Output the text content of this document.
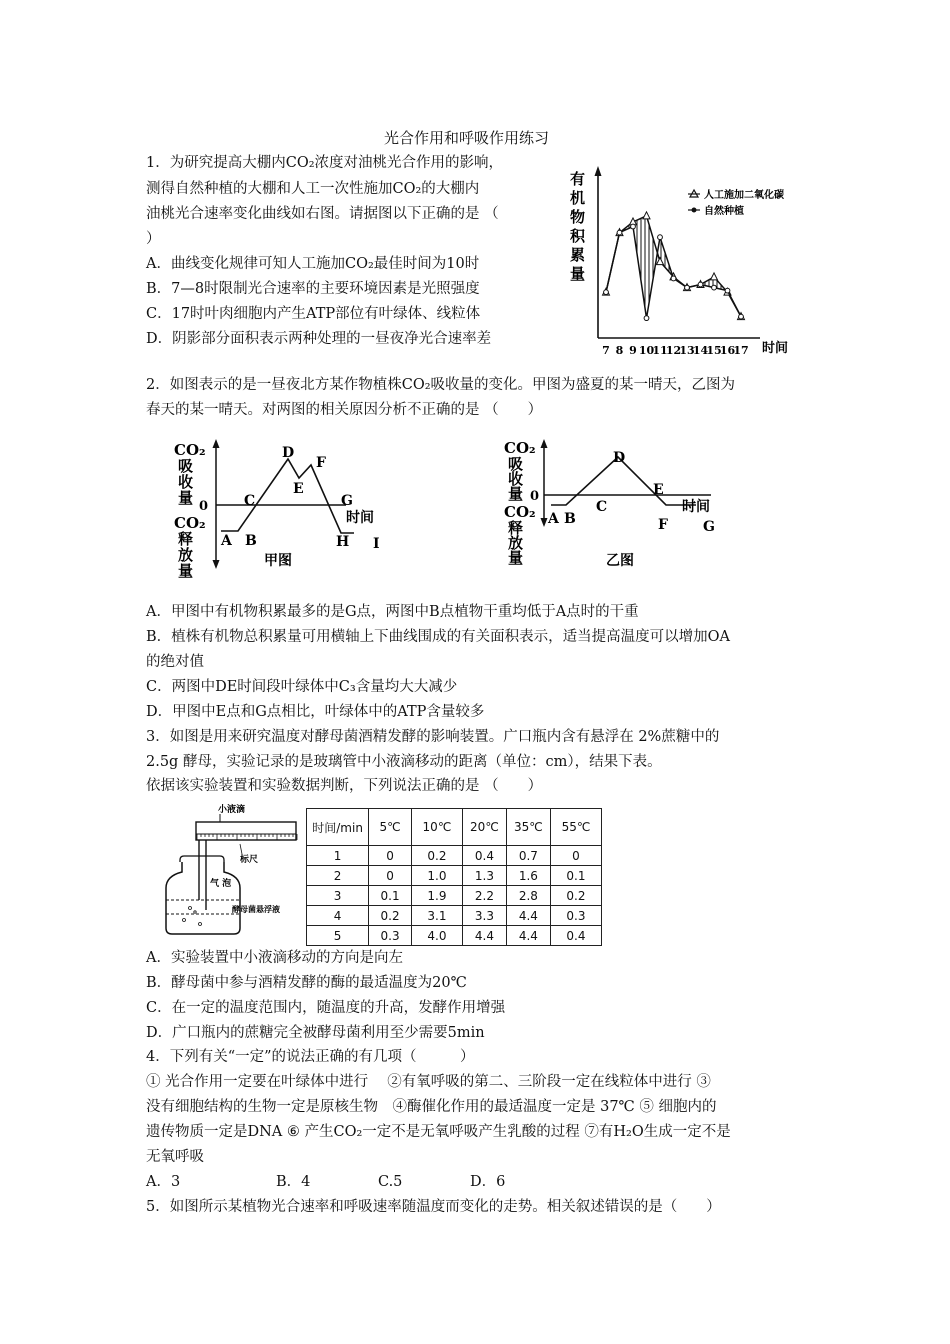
光合作用和呼吸作用练习
1．为研究提高大棚内CO₂浓度对油桃光合作用的影响，
测得自然种植的大棚和人工一次性施加CO₂的大棚内
油桃光合速率变化曲线如右图。请据图以下正确的是 （
）
A．曲线变化规律可知人工施加CO₂最佳时间为10时
B．7—8时限制光合速率的主要环境因素是光照强度
C．17时叶肉细胞内产生ATP部位有叶绿体、线粒体
D．阴影部分面积表示两种处理的一昼夜净光合速率差
有
机
物
积
累
量
7 8 9 10
11
12
13
14
15
16
17 时间
人工施加二氧化碳
自然种植
2．如图表示的是一昼夜北方某作物植株CO₂吸收量的变化。甲图为盛夏的某一晴天，乙图为
春天的某一晴天。对两图的相关原因分析不正确的是 （　　）
CO₂
吸
收
量
CO₂
释
放
量
0
A B
C
D
E
F
G
H I
时间
甲图
CO₂
吸
收
量
CO₂
释
放
量
0
A B
C
D
E
F	G
时间
乙图
A．甲图中有机物积累最多的是G点，两图中B点植物干重均低于A点时的干重
B．植株有机物总积累量可用横轴上下曲线围成的有关面积表示，适当提高温度可以增加OA
的绝对值
C．两图中DE时间段叶绿体中C₃含量均大大减少
D．甲图中E点和G点相比，叶绿体中的ATP含量较多
3．如图是用来研究温度对酵母菌酒精发酵的影响装置。广口瓶内含有悬浮在 2%蔗糖中的
2.5g 酵母，实验记录的是玻璃管中小液滴移动的距离（单位：cm），结果下表。
依据该实验装置和实验数据判断，下列说法正确的是 （　　）
小液滴
标尺
气 泡
酵母菌悬浮液
时间/min	5℃	10℃	20℃	35℃	55℃
1	0	0.2	0.4	0.7	0
2	0	1.0	1.3	1.6	0.1
3	0.1	1.9	2.2	2.8	0.2
4	0.2	3.1	3.3	4.4	0.3
5	0.3	4.0	4.4	4.4	0.4
A．实验装置中小液滴移动的方向是向左
B．酵母菌中参与酒精发酵的酶的最适温度为20℃
C．在一定的温度范围内，随温度的升高，发酵作用增强
D．广口瓶内的蔗糖完全被酵母菌利用至少需要5min
4．下列有关“一定”的说法正确的有几项（　　　）
① 光合作用一定要在叶绿体中进行　 ②有氧呼吸的第二、三阶段一定在线粒体中进行 ③
没有细胞结构的生物一定是原核生物　④酶催化作用的最适温度一定是 37℃ ⑤ 细胞内的
遗传物质一定是DNA ⑥ 产生CO₂一定不是无氧呼吸产生乳酸的过程 ⑦有H₂O生成一定不是
无氧呼吸
A．3	B．4	C.5	D．6
5．如图所示某植物光合速率和呼吸速率随温度而变化的走势。相关叙述错误的是（　　）
